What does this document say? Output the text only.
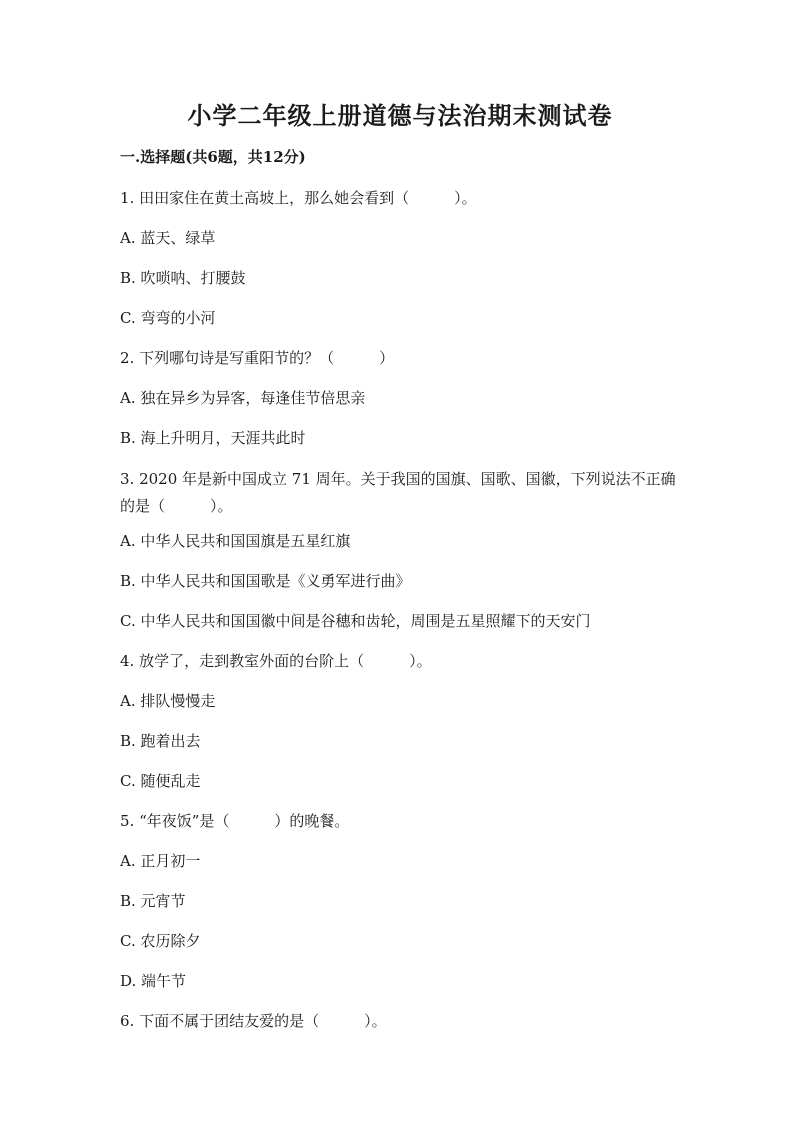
小学二年级上册道德与法治期末测试卷
一.选择题(共6题，共12分)
1. 田田家住在黄土高坡上，那么她会看到（　　　）。
A. 蓝天、绿草
B. 吹唢呐、打腰鼓
C. 弯弯的小河
2. 下列哪句诗是写重阳节的？（　　　）
A. 独在异乡为异客，每逢佳节倍思亲
B. 海上升明月，天涯共此时
3. 2020 年是新中国成立 71 周年。关于我国的国旗、国歌、国徽，下列说法不正确的是（　　　）。
A. 中华人民共和国国旗是五星红旗
B. 中华人民共和国国歌是《义勇军进行曲》
C. 中华人民共和国国徽中间是谷穗和齿轮，周围是五星照耀下的天安门
4. 放学了，走到教室外面的台阶上（　　　）。
A. 排队慢慢走
B. 跑着出去
C. 随便乱走
5. “年夜饭”是（　　　）的晚餐。
A. 正月初一
B. 元宵节
C. 农历除夕
D. 端午节
6. 下面不属于团结友爱的是（　　　）。
